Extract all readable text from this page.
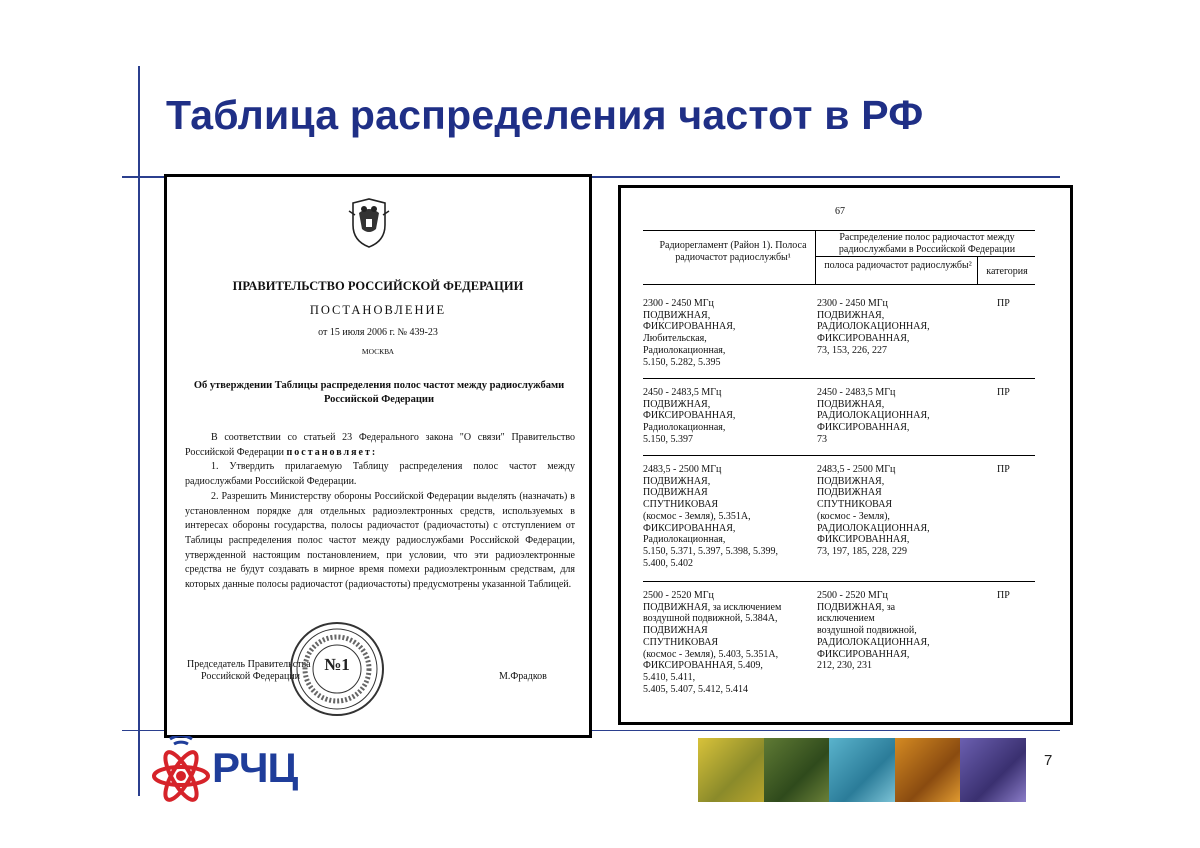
Таблица распределения частот в РФ
ПРАВИТЕЛЬСТВО РОССИЙСКОЙ ФЕДЕРАЦИИ
ПОСТАНОВЛЕНИЕ
от 15 июля 2006 г. № 439-23
МОСКВА
Об утверждении Таблицы распределения полос частот между радиослужбами Российской Федерации

В соответствии со статьей 23 Федерального закона "О связи" Правительство Российской Федерации постановляет:

1. Утвердить прилагаемую Таблицу распределения полос частот между радиослужбами Российской Федерации.

2. Разрешить Министерству обороны Российской Федерации выделять (назначать) в установленном порядке для отдельных радиоэлектронных средств, используемых в интересах обороны государства, полосы радиочастот (радиочастоты) с отступлением от Таблицы распределения полос частот между радиослужбами Российской Федерации, утвержденной настоящим постановлением, при условии, что эти радиоэлектронные средства не будут создавать в мирное время помехи радиоэлектронным средствам, для которых данные полосы радиочастот (радиочастоты) предусмотрены указанной Таблицей.

Председатель Правительства
Российской Федерации
№1
М.Фрадков
67
Радиорегламент (Район 1). Полоса радиочастот радиослужбы¹
Распределение полос радиочастот между радиослужбами в Российской Федерации
полоса радиочастот радиослужбы²
категория
2300 - 2450 МГц
ПОДВИЖНАЯ,
ФИКСИРОВАННАЯ,
Любительская,
Радиолокационная,
5.150, 5.282, 5.395
2300 - 2450 МГц
ПОДВИЖНАЯ,
РАДИОЛОКАЦИОННАЯ,
ФИКСИРОВАННАЯ,
73, 153, 226, 227
ПР
2450 - 2483,5 МГц
ПОДВИЖНАЯ,
ФИКСИРОВАННАЯ,
Радиолокационная,
5.150, 5.397
2450 - 2483,5 МГц
ПОДВИЖНАЯ,
РАДИОЛОКАЦИОННАЯ,
ФИКСИРОВАННАЯ,
73
ПР
2483,5 - 2500 МГц
ПОДВИЖНАЯ,
ПОДВИЖНАЯ
СПУТНИКОВАЯ
(космос - Земля), 5.351А,
ФИКСИРОВАННАЯ,
Радиолокационная,
5.150, 5.371, 5.397, 5.398, 5.399,
5.400, 5.402
2483,5 - 2500 МГц
ПОДВИЖНАЯ,
ПОДВИЖНАЯ
СПУТНИКОВАЯ
(космос - Земля),
РАДИОЛОКАЦИОННАЯ,
ФИКСИРОВАННАЯ,
73, 197, 185, 228, 229
ПР
2500 - 2520 МГц
ПОДВИЖНАЯ, за исключением
воздушной подвижной, 5.384А,
ПОДВИЖНАЯ
СПУТНИКОВАЯ
(космос - Земля), 5.403, 5.351А,
ФИКСИРОВАННАЯ, 5.409,
5.410, 5.411,
5.405, 5.407, 5.412, 5.414
2500 - 2520 МГц
ПОДВИЖНАЯ, за
исключением
воздушной подвижной,
РАДИОЛОКАЦИОННАЯ,
ФИКСИРОВАННАЯ,
212, 230, 231
ПР
РЧЦ	7
